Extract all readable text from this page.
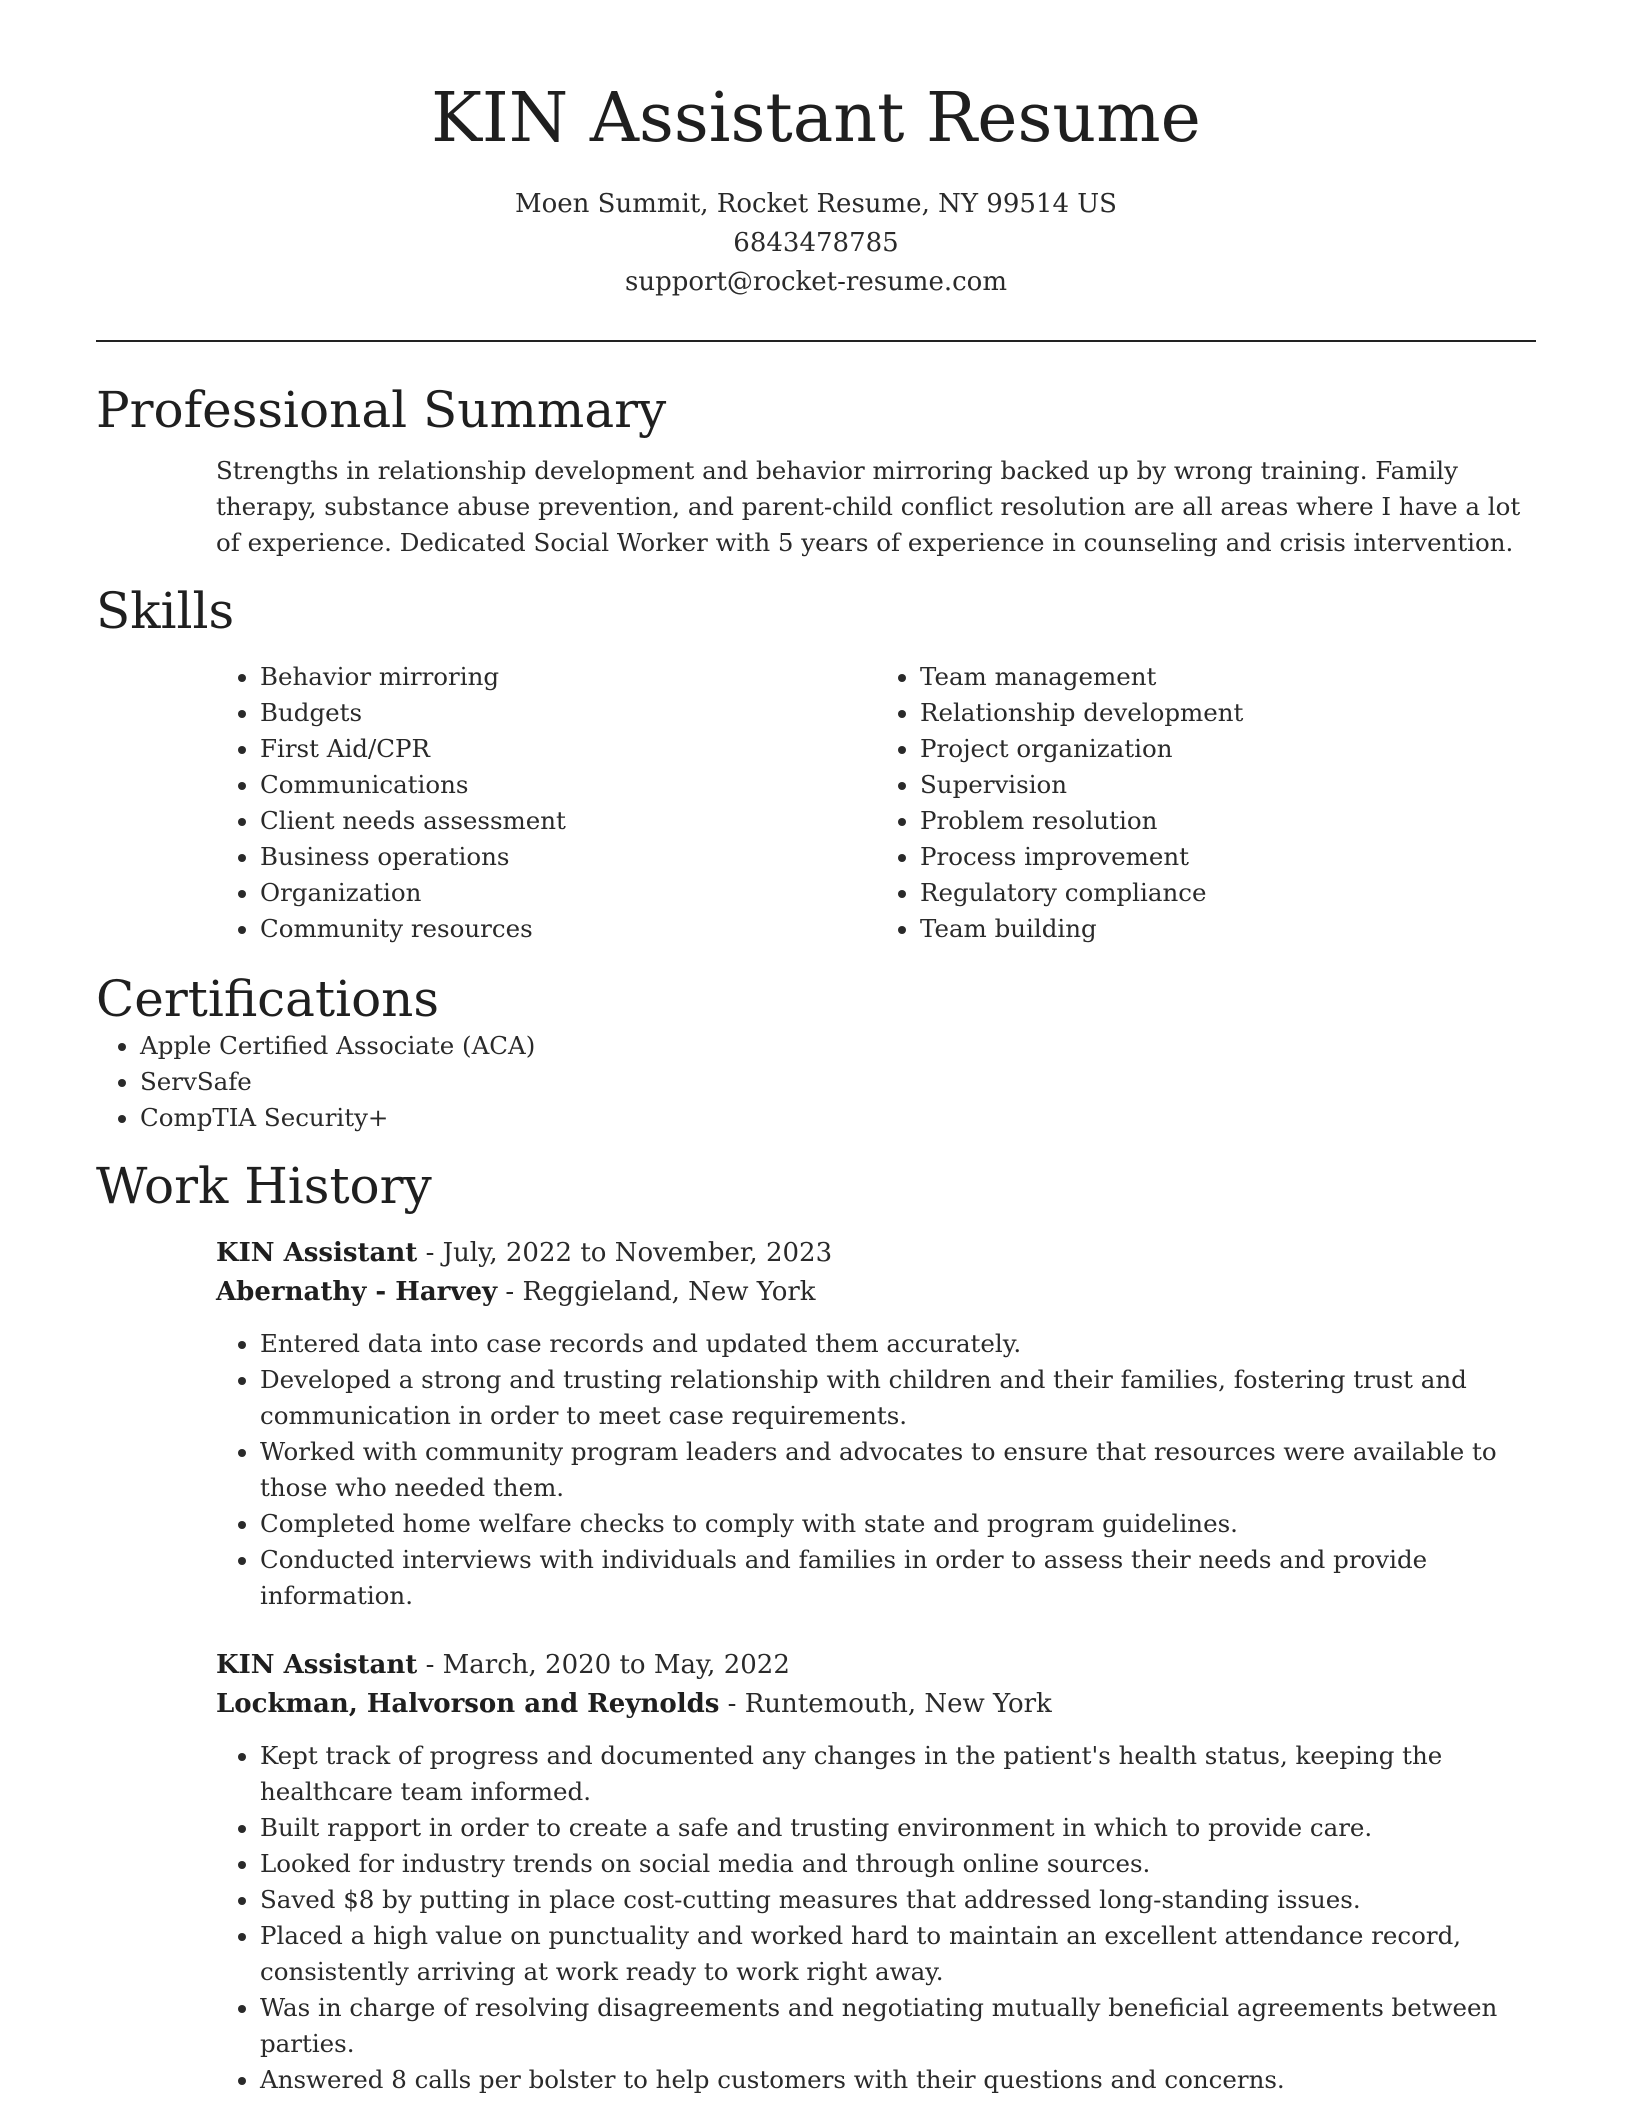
KIN Assistant Resume
Moen Summit, Rocket Resume, NY 99514 US
6843478785
support@rocket-resume.com
Professional Summary

Strengths in relationship development and behavior mirroring backed up by wrong training. Family therapy, substance abuse prevention, and parent-child conflict resolution are all areas where I have a lot of experience. Dedicated Social Worker with 5 years of experience in counseling and crisis intervention.

Skills
• Behavior mirroring
• Budgets
• First Aid/CPR
• Communications
• Client needs assessment
• Business operations
• Organization
• Community resources
• Team management
• Relationship development
• Project organization
• Supervision
• Problem resolution
• Process improvement
• Regulatory compliance
• Team building
Certifications
• Apple Certified Associate (ACA)
• ServSafe
• CompTIA Security+
Work History
KIN Assistant - July, 2022 to November, 2023
Abernathy - Harvey - Reggieland, New York
• Entered data into case records and updated them accurately.
• Developed a strong and trusting relationship with children and their families, fostering trust and communication in order to meet case requirements.
• Worked with community program leaders and advocates to ensure that resources were available to those who needed them.
• Completed home welfare checks to comply with state and program guidelines.
• Conducted interviews with individuals and families in order to assess their needs and provide information.
KIN Assistant - March, 2020 to May, 2022
Lockman, Halvorson and Reynolds - Runtemouth, New York
• Kept track of progress and documented any changes in the patient's health status, keeping the healthcare team informed.
• Built rapport in order to create a safe and trusting environment in which to provide care.
• Looked for industry trends on social media and through online sources.
• Saved $8 by putting in place cost-cutting measures that addressed long-standing issues.
• Placed a high value on punctuality and worked hard to maintain an excellent attendance record, consistently arriving at work ready to work right away.
• Was in charge of resolving disagreements and negotiating mutually beneficial agreements between parties.
• Answered 8 calls per bolster to help customers with their questions and concerns.
